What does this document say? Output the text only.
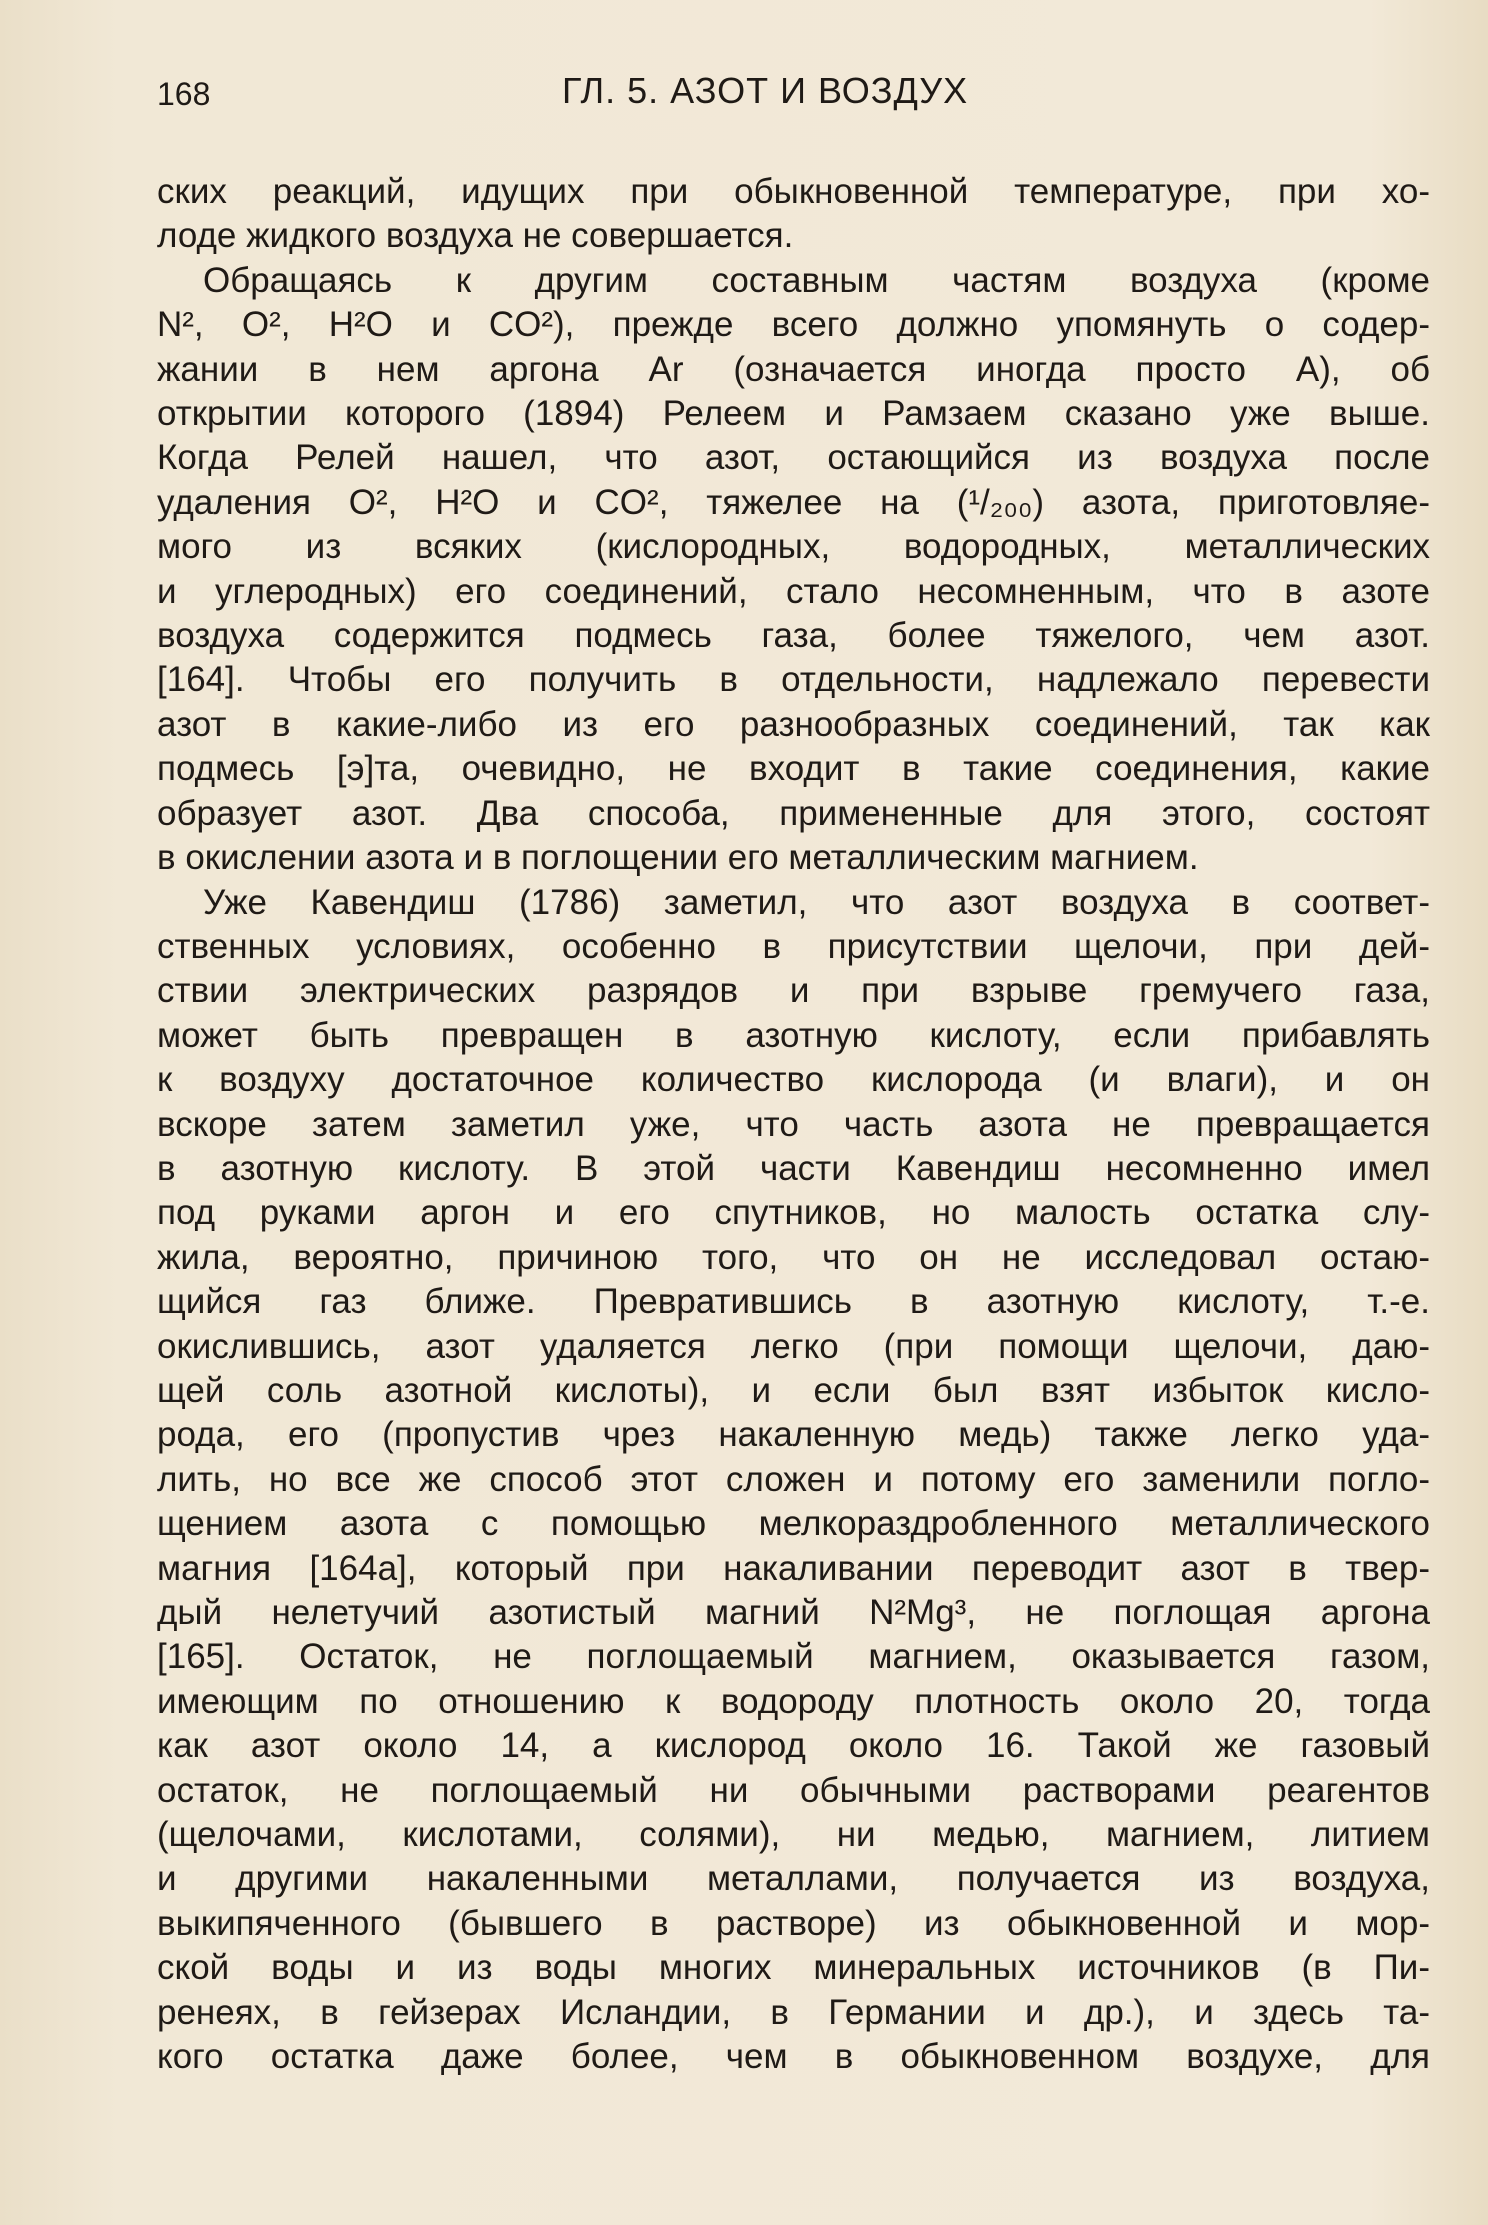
168	ГЛ. 5. АЗОТ И ВОЗДУХ
ских реакций, идущих при обыкновенной температуре, при хо-
лоде жидкого воздуха не совершается.
Обращаясь к другим составным частям воздуха (кроме
N², O², H²O и CO²), прежде всего должно упомянуть о содер-
жании в нем аргона Ar (означается иногда просто A), об
открытии которого (1894) Релеем и Рамзаем сказано уже выше.
Когда Релей нашел, что азот, остающийся из воздуха после
удаления O², H²O и CO², тяжелее на (¹/₂₀₀) азота, приготовляе-
мого из всяких (кислородных, водородных, металлических
и углеродных) его соединений, стало несомненным, что в азоте
воздуха содержится подмесь газа, более тяжелого, чем азот.
[164]. Чтобы его получить в отдельности, надлежало перевести
азот в какие-либо из его разнообразных соединений, так как
подмесь [э]та, очевидно, не входит в такие соединения, какие
образует азот. Два способа, примененные для этого, состоят
в окислении азота и в поглощении его металлическим магнием.
Уже Кавендиш (1786) заметил, что азот воздуха в соответ-
ственных условиях, особенно в присутствии щелочи, при дей-
ствии электрических разрядов и при взрыве гремучего газа,
может быть превращен в азотную кислоту, если прибавлять
к воздуху достаточное количество кислорода (и влаги), и он
вскоре затем заметил уже, что часть азота не превращается
в азотную кислоту. В этой части Кавендиш несомненно имел
под руками аргон и его спутников, но малость остатка слу-
жила, вероятно, причиною того, что он не исследовал остаю-
щийся газ ближе. Превратившись в азотную кислоту, т.-е.
окислившись, азот удаляется легко (при помощи щелочи, даю-
щей соль азотной кислоты), и если был взят избыток кисло-
рода, его (пропустив чрез накаленную медь) также легко уда-
лить, но все же способ этот сложен и потому его заменили поглo-
щением азота с помощью мелкораздробленного металлического
магния [164a], который при накаливании переводит азот в твер-
дый нелетучий азотистый магний N²Mg³, не поглощая аргона
[165]. Остаток, не поглощаемый магнием, оказывается газом,
имеющим по отношению к водороду плотность около 20, тогда
как азот около 14, а кислород около 16. Такой же газовый
остаток, не поглощаемый ни обычными растворами реагентов
(щелочами, кислотами, солями), ни медью, магнием, литием
и другими накаленными металлами, получается из воздуха,
выкипяченного (бывшего в растворе) из обыкновенной и мор-
ской воды и из воды многих минеральных источников (в Пи-
ренеях, в гейзерах Исландии, в Германии и др.), и здесь та-
кого остатка даже более, чем в обыкновенном воздухе, для
